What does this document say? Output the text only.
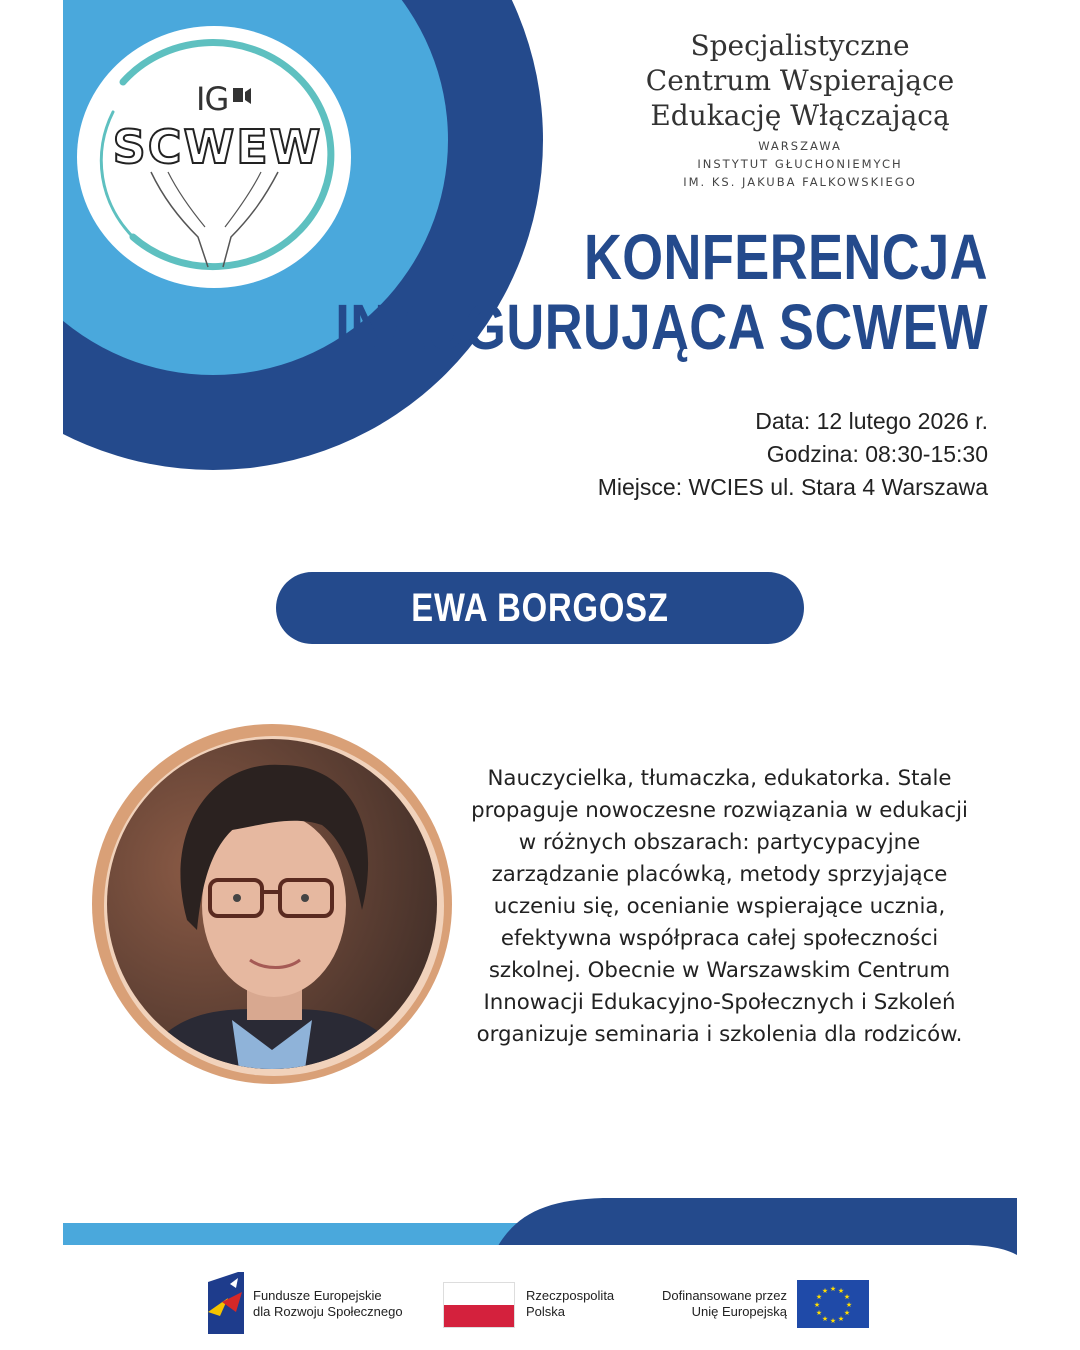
IG
SCWEW
Specjalistyczne
Centrum Wspierające
Edukację Włączającą
WARSZAWA
INSTYTUT GŁUCHONIEMYCH
IM. KS. JAKUBA FALKOWSKIEGO
KONFERENCJA
INAUGURUJĄCA SCWEW
Data: 12 lutego 2026 r.
Godzina: 08:30-15:30
Miejsce: WCIES ul. Stara 4 Warszawa
EWA BORGOSZ
Nauczycielka, tłumaczka, edukatorka. Stale
propaguje nowoczesne rozwiązania w edukacji
w różnych obszarach: partycypacyjne
zarządzanie placówką, metody sprzyjające
uczeniu się, ocenianie wspierające ucznia,
efektywna współpraca całej społeczności
szkolnej. Obecnie w Warszawskim Centrum
Innowacji Edukacyjno-Społecznych i Szkoleń
organizuje seminaria i szkolenia dla rodziców.
Fundusze Europejskie
dla Rozwoju Społecznego
Rzeczpospolita
Polska
Dofinansowane przez
Unię Europejską
★ ★
★
★
★
★
★
★
★
★
★
★
